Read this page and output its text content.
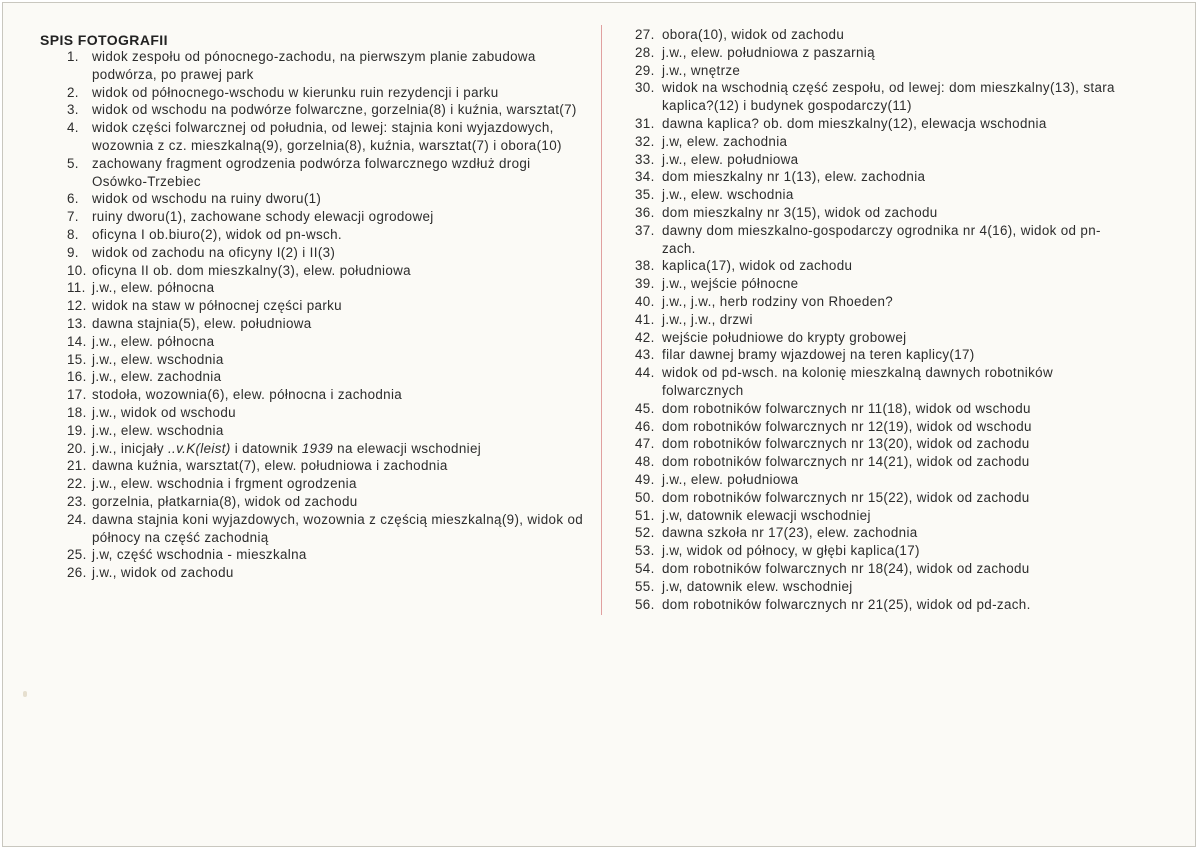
SPIS FOTOGRAFII
1. widok zespołu od pónocnego-zachodu, na pierwszym planie zabudowa podwórza, po prawej park
2. widok od północnego-wschodu w kierunku ruin rezydencji i parku
3. widok od wschodu na podwórze folwarczne, gorzelnia(8) i kuźnia, warsztat(7)
4. widok części folwarcznej od południa, od lewej: stajnia koni wyjazdowych, wozownia z cz. mieszkalną(9), gorzelnia(8), kuźnia, warsztat(7) i obora(10)
5. zachowany fragment ogrodzenia podwórza folwarcznego wzdłuż drogi Osówko-Trzebiec
6. widok od wschodu na ruiny dworu(1)
7. ruiny dworu(1), zachowane schody elewacji ogrodowej
8. oficyna I ob.biuro(2), widok od pn-wsch.
9. widok od zachodu na oficyny I(2) i II(3)
10. oficyna II ob. dom mieszkalny(3), elew. południowa
11. j.w., elew. północna
12. widok na staw w północnej części parku
13. dawna stajnia(5), elew. południowa
14. j.w., elew. północna
15. j.w., elew. wschodnia
16. j.w., elew. zachodnia
17. stodoła, wozownia(6), elew. północna i zachodnia
18. j.w., widok od wschodu
19. j.w., elew. wschodnia
20. j.w., inicjały ..v.K(leist) i datownik 1939 na elewacji wschodniej
21. dawna kuźnia, warsztat(7), elew. południowa i zachodnia
22. j.w., elew. wschodnia i frgment ogrodzenia
23. gorzelnia, płatkarnia(8), widok od zachodu
24. dawna stajnia koni wyjazdowych, wozownia z częścią mieszkalną(9), widok od północy na część zachodnią
25. j.w, część wschodnia - mieszkalna
26. j.w., widok od zachodu
27. obora(10), widok od zachodu
28. j.w., elew. południowa z paszarnią
29. j.w., wnętrze
30. widok na wschodnią część zespołu, od lewej: dom mieszkalny(13), stara kaplica?(12) i budynek gospodarczy(11)
31. dawna kaplica? ob. dom mieszkalny(12), elewacja wschodnia
32. j.w, elew. zachodnia
33. j.w., elew. południowa
34. dom mieszkalny nr 1(13), elew. zachodnia
35. j.w., elew. wschodnia
36. dom mieszkalny nr 3(15), widok od zachodu
37. dawny dom mieszkalno-gospodarczy ogrodnika nr 4(16), widok od pn-zach.
38. kaplica(17), widok od zachodu
39. j.w., wejście północne
40. j.w., j.w., herb rodziny von Rhoeden?
41. j.w., j.w., drzwi
42. wejście południowe do krypty grobowej
43. filar dawnej bramy wjazdowej na teren kaplicy(17)
44. widok od pd-wsch. na kolonię mieszkalną dawnych robotników folwarcznych
45. dom robotników folwarcznych nr 11(18), widok od wschodu
46. dom robotników folwarcznych nr 12(19), widok od wschodu
47. dom robotników folwarcznych nr 13(20), widok od zachodu
48. dom robotników folwarcznych nr 14(21), widok od zachodu
49. j.w., elew. południowa
50. dom robotników folwarcznych nr 15(22), widok od zachodu
51. j.w, datownik elewacji wschodniej
52. dawna szkoła nr 17(23), elew. zachodnia
53. j.w, widok od północy, w głębi kaplica(17)
54. dom robotników folwarcznych nr 18(24), widok od zachodu
55. j.w, datownik elew. wschodniej
56. dom robotników folwarcznych nr 21(25), widok od pd-zach.
